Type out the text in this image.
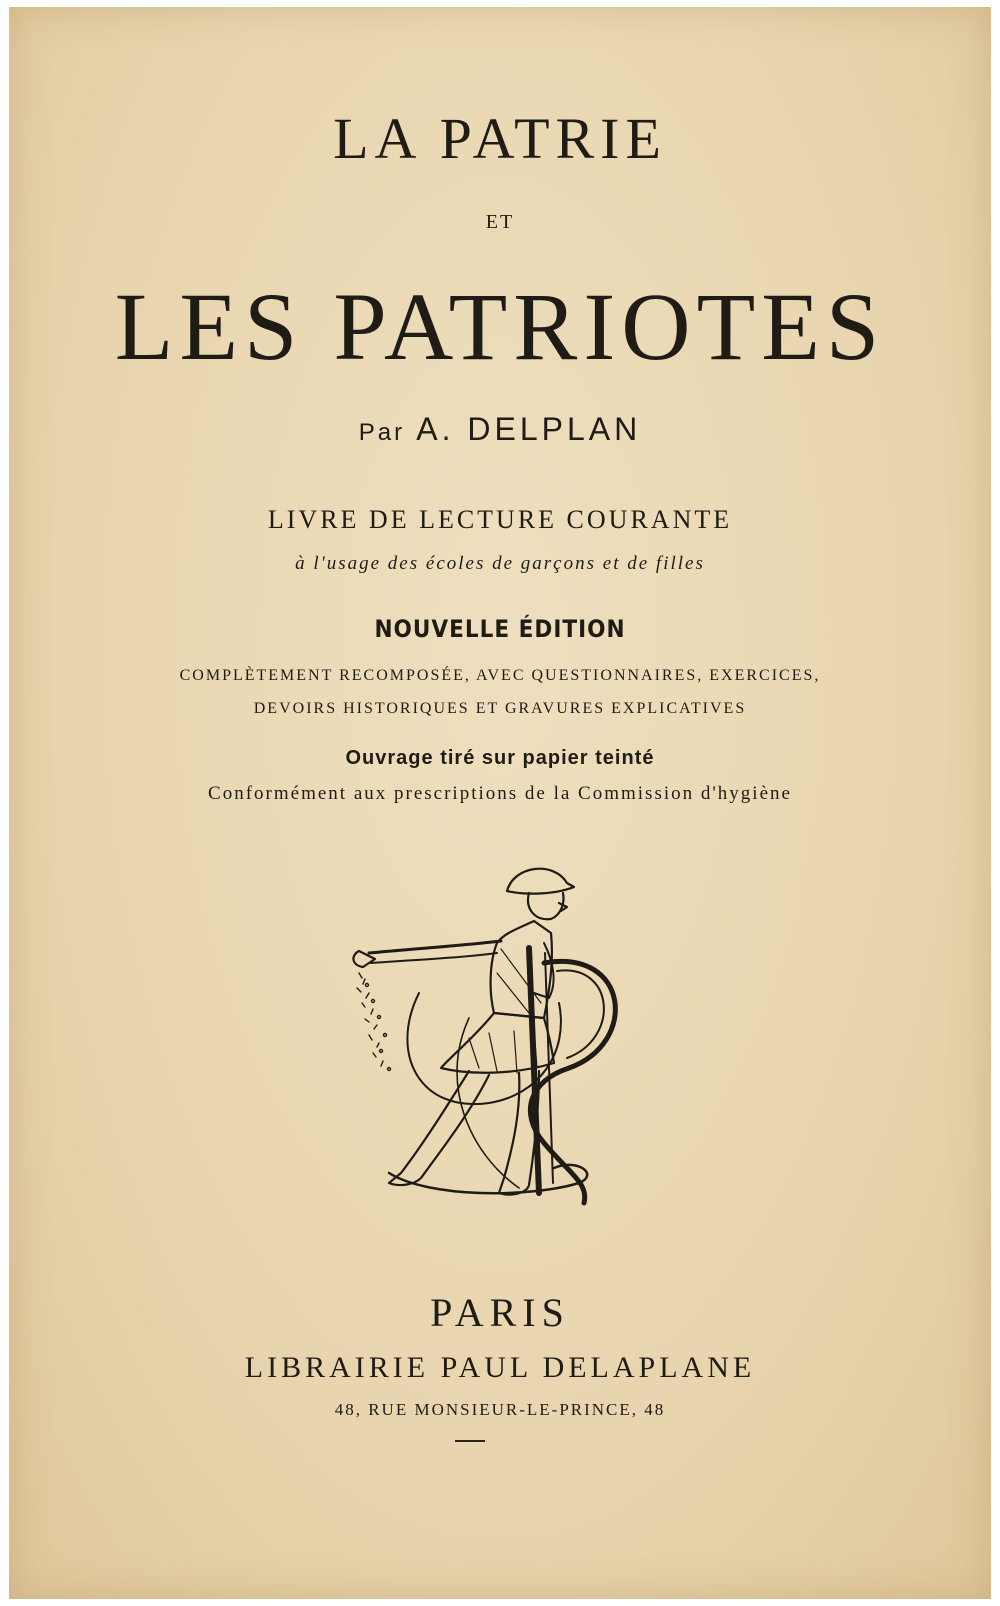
LA PATRIE
ET
LES PATRIOTES
Par A. DELPLAN
LIVRE DE LECTURE COURANTE
à l'usage des écoles de garçons et de filles
NOUVELLE ÉDITION
COMPLÈTEMENT RECOMPOSÉE, AVEC QUESTIONNAIRES, EXERCICES,
DEVOIRS HISTORIQUES ET GRAVURES EXPLICATIVES
Ouvrage tiré sur papier teinté
Conformément aux prescriptions de la Commission d'hygiène
PARIS
LIBRAIRIE PAUL DELAPLANE
48, RUE MONSIEUR-LE-PRINCE, 48
